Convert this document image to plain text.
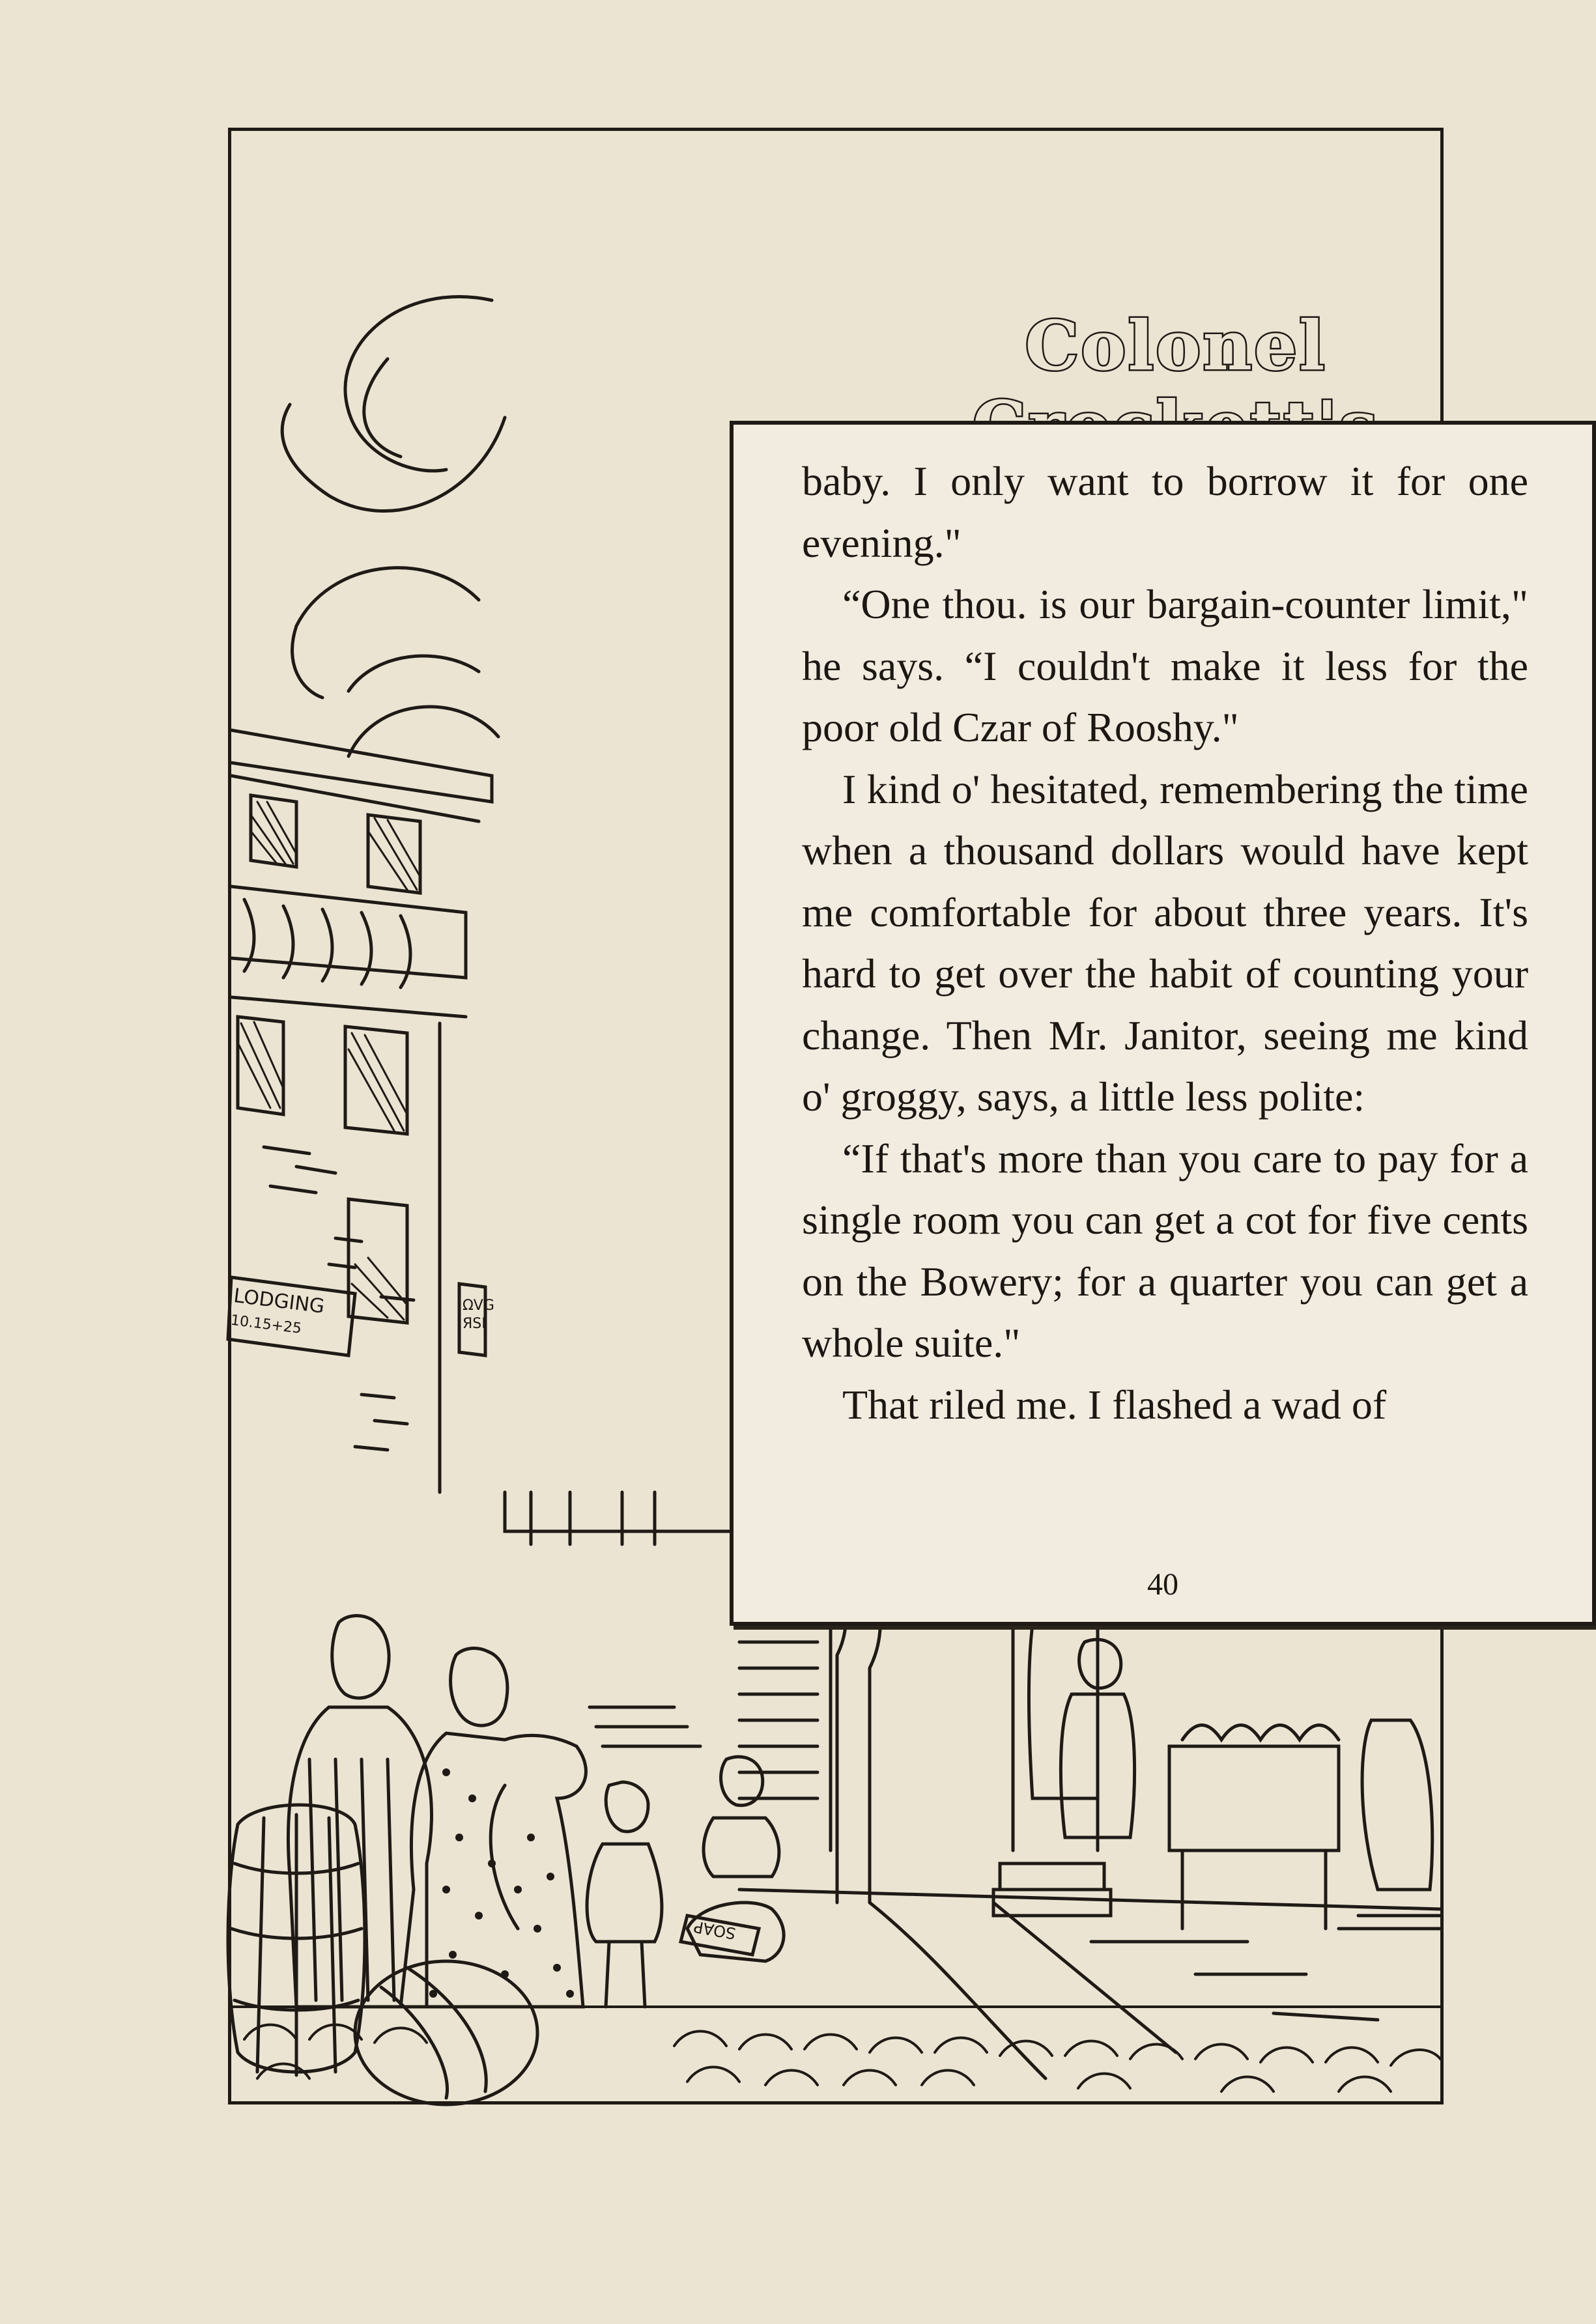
LODGING
10.15+25
ΩVG
ЯSI
SOAP
Colonel

baby. I only want to borrow it for one evening."

“One thou. is our bargain-counter limit," he says. “I couldn't make it less for the poor old Czar of Rooshy."

I kind o' hesitated, remembering the time when a thousand dollars would have kept me comfortable for about three years. It's hard to get over the habit of counting your change. Then Mr. Janitor, seeing me kind o' groggy, says, a little less polite:

“If that's more than you care to pay for a single room you can get a cot for five cents on the Bowery; for a quarter you can get a whole suite."

That riled me. I flashed a wad of

40
